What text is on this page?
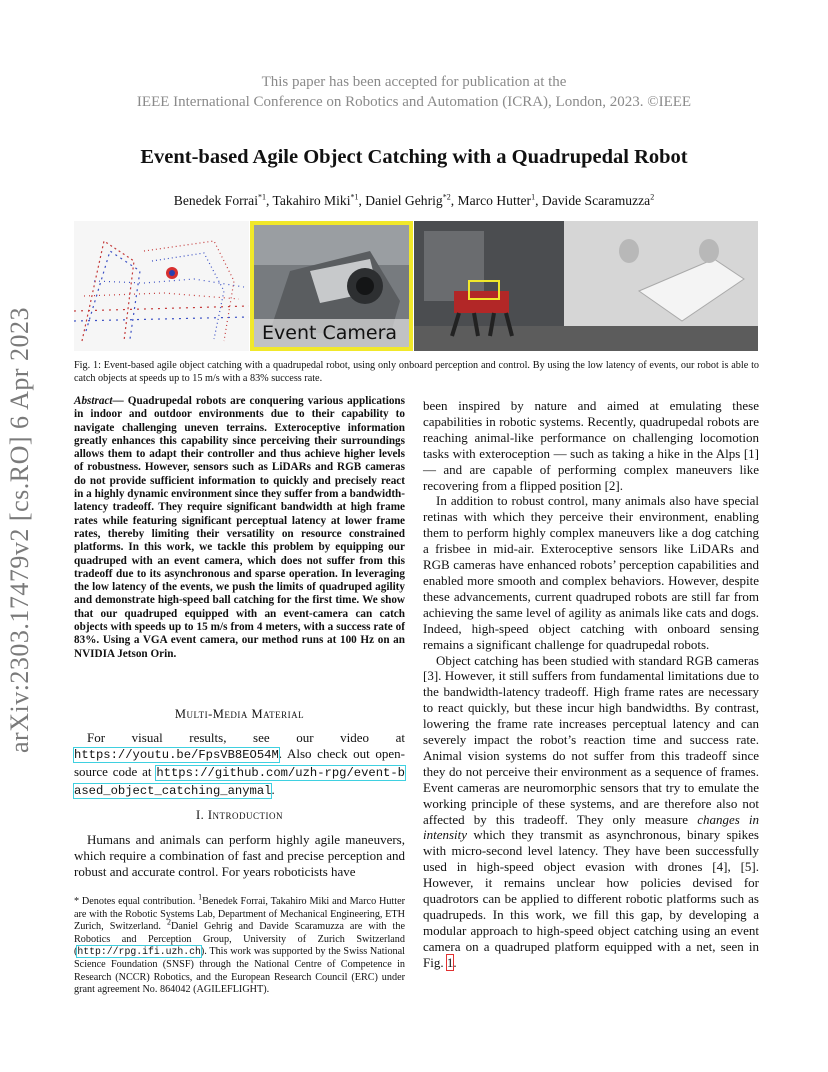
This paper has been accepted for publication at the
IEEE International Conference on Robotics and Automation (ICRA), London, 2023. ©IEEE
Event-based Agile Object Catching with a Quadrupedal Robot
Benedek Forrai$^{*1}$, Takahiro Miki$^{*1}$, Daniel Gehrig$^{*2}$, Marco Hutter$^1$, Davide Scaramuzza$^2$
arXiv:2303.17479v2 [cs.RO] 6 Apr 2023	Event Camera
Fig. 1: Event-based agile object catching with a quadrupedal robot, using only onboard perception and control. By using the low latency of events, our robot is able to catch objects at speeds up to 15 m/s with a 83% success rate.
Abstract— Quadrupedal robots are conquering various applications in indoor and outdoor environments due to their capability to navigate challenging uneven terrains. Exteroceptive information greatly enhances this capability since perceiving their surroundings allows them to adapt their controller and thus achieve higher levels of robustness. However, sensors such as LiDARs and RGB cameras do not provide sufficient information to quickly and precisely react in a highly dynamic environment since they suffer from a bandwidth-latency tradeoff. They require significant bandwidth at high frame rates while featuring significant perceptual latency at lower frame rates, thereby limiting their versatility on resource constrained platforms. In this work, we tackle this problem by equipping our quadruped with an event camera, which does not suffer from this tradeoff due to its asynchronous and sparse operation. In leveraging the low latency of the events, we push the limits of quadruped agility and demonstrate high-speed ball catching for the first time. We show that our quadruped equipped with an event-camera can catch objects with speeds up to 15 m/s from 4 meters, with a success rate of 83%. Using a VGA event camera, our method runs at 100 Hz on an NVIDIA Jetson Orin.
Multi-Media Material
For visual results, see our video at https://youtu.be/FpsVB8EO54M. Also check out open-source code at https://github.com/uzh-rpg/event-based_object_catching_anymal.
I. Introduction
Humans and animals can perform highly agile maneuvers, which require a combination of fast and precise perception and robust and accurate control. For years roboticists have
* Denotes equal contribution. $^1$Benedek Forrai, Takahiro Miki and Marco Hutter are with the Robotic Systems Lab, Department of Mechanical Engineering, ETH Zurich, Switzerland. $^2$Daniel Gehrig and Davide Scaramuzza are with the Robotics and Perception Group, University of Zurich Switzerland (http://rpg.ifi.uzh.ch). This work was supported by the Swiss National Science Foundation (SNSF) through the National Centre of Competence in Research (NCCR) Robotics, and the European Research Council (ERC) under grant agreement No. 864042 (AGILEFLIGHT).

been inspired by nature and aimed at emulating these capabilities in robotic systems. Recently, quadrupedal robots are reaching animal-like performance on challenging locomotion tasks with exteroception — such as taking a hike in the Alps [1] — and are capable of performing complex maneuvers like recovering from a flipped position [2].

In addition to robust control, many animals also have special retinas with which they perceive their environment, enabling them to perform highly complex maneuvers like a dog catching a frisbee in mid-air. Exteroceptive sensors like LiDARs and RGB cameras have enhanced robots’ perception capabilities and enabled more smooth and complex behaviors. However, despite these advancements, current quadruped robots are still far from achieving the same level of agility as animals like cats and dogs. Indeed, high-speed object catching with onboard sensing remains a significant challenge for quadrupedal robots.

Object catching has been studied with standard RGB cameras [3]. However, it still suffers from fundamental limitations due to the bandwidth-latency tradeoff. High frame rates are necessary to react quickly, but these incur high bandwidths. By contrast, lowering the frame rate increases perceptual latency and can severely impact the robot’s reaction time and success rate. Animal vision systems do not suffer from this tradeoff since they do not perceive their environment as a sequence of frames. Event cameras are neuromorphic sensors that try to emulate the working principle of these systems, and are therefore also not affected by this tradeoff. They only measure changes in intensity which they transmit as asynchronous, binary spikes with micro-second level latency. They have been successfully used in high-speed object evasion with drones [4], [5]. However, it remains unclear how policies devised for quadrotors can be applied to different robotic platforms such as quadrupeds. In this work, we fill this gap, by developing a modular approach to high-speed object catching using an event camera on a quadruped platform equipped with a net, seen in Fig. 1.
